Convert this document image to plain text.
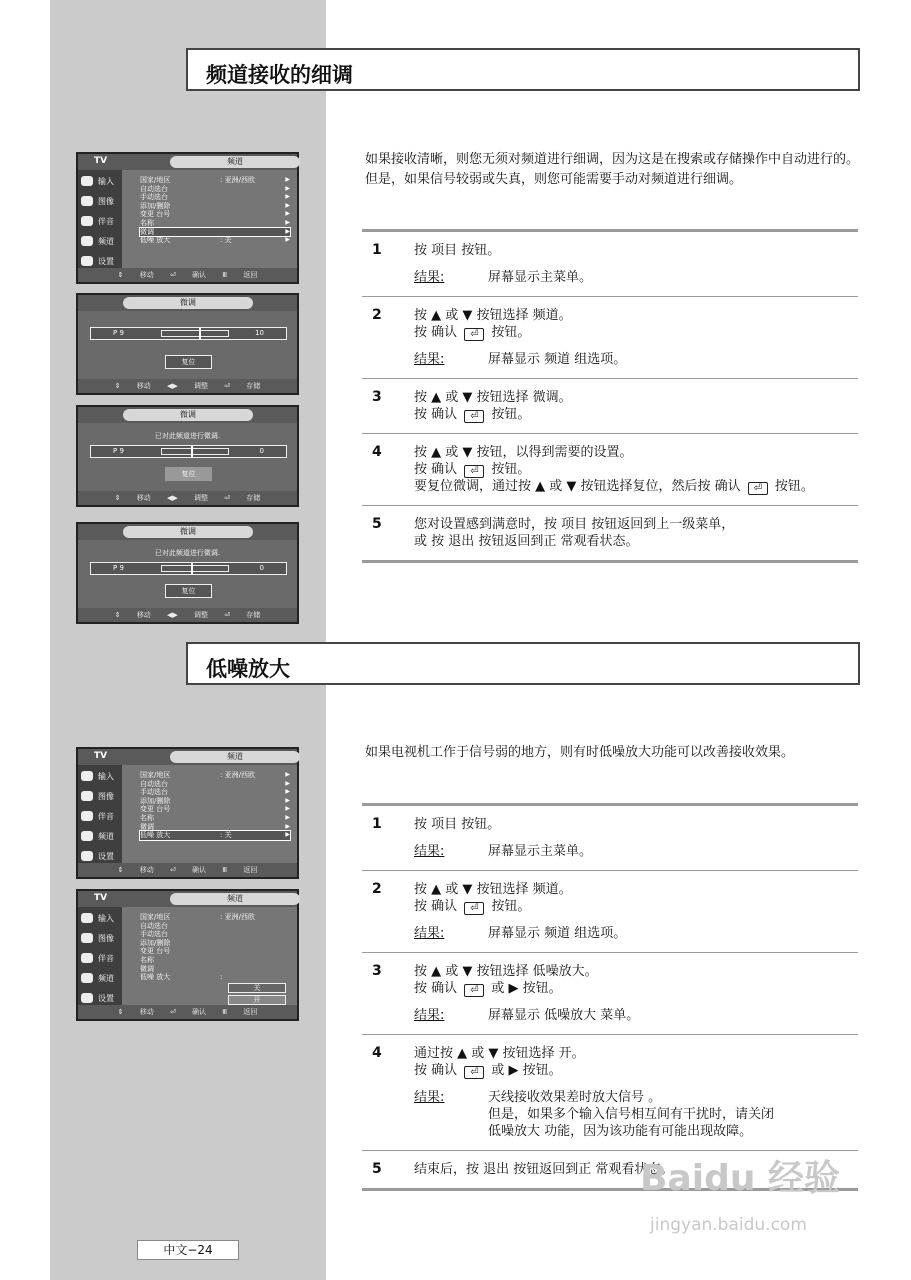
频道接收的细调
如果接收清晰，则您无须对频道进行细调，因为这是在搜索或存储操作中自动进行的。但是，如果信号较弱或失真，则您可能需要手动对频道进行细调。
1 按 项目 按钮。
结果:	屏幕显示主菜单。
2 按 ▲ 或 ▼ 按钮选择 频道。
按 确认 ⏎ 按钮。
结果:	屏幕显示 频道 组选项。
3 按 ▲ 或 ▼ 按钮选择 微调。
按 确认 ⏎ 按钮。
4 按 ▲ 或 ▼ 按钮，以得到需要的设置。
按 确认 ⏎ 按钮。
要复位微调，通过按 ▲ 或 ▼ 按钮选择复位，然后按 确认 ⏎ 按钮。
5 您对设置感到满意时，按 项目 按钮返回到上一级菜单，
或 按 退出 按钮返回到正 常观看状态。
TV	频道
输入
图像
伴音
频道
设置
国家/地区	: 亚洲/西欧	▶
自动选台	▶
手动选台	▶
添加/删除	▶
变更 台号	▶
名称	▶
微调	▶
低噪 放大	: 关	▶
⇕ 移动 ⏎ 确认 Ⅲ 返回
微调
P 9	10
复位
⇕ 移动 ◀▶ 调整 ⏎ 存储
微调
已对此频道进行微调.
P 9	0
复位
⇕ 移动 ◀▶ 调整 ⏎ 存储
微调
已对此频道进行微调.
P 9	0
复位
⇕ 移动 ◀▶ 调整 ⏎ 存储
低噪放大
如果电视机工作于信号弱的地方，则有时低噪放大功能可以改善接收效果。
1 按 项目 按钮。
结果:	屏幕显示主菜单。
2 按 ▲ 或 ▼ 按钮选择 频道。
按 确认 ⏎ 按钮。
结果:	屏幕显示 频道 组选项。
3 按 ▲ 或 ▼ 按钮选择 低噪放大。
按 确认 ⏎ 或 ▶ 按钮。
结果:	屏幕显示 低噪放大 菜单。
4 通过按 ▲ 或 ▼ 按钮选择 开。
按 确认 ⏎ 或 ▶ 按钮。
结果:	天线接收效果差时放大信号 。
但是，如果多个输入信号相互间有干扰时，请关闭
低噪放大 功能，因为该功能有可能出现故障。
5 结束后，按 退出 按钮返回到正 常观看状态。
TV	频道
输入
图像
伴音
频道
设置
国家/地区	: 亚洲/西欧	▶
自动选台	▶
手动选台	▶
添加/删除	▶
变更 台号	▶
名称	▶
微调	▶
低噪 放大	: 关	▶
⇕ 移动 ⏎ 确认 Ⅲ 返回
TV	频道
输入
图像
伴音
频道
设置
国家/地区	: 亚洲/西欧
自动选台
手动选台
添加/删除
变更 台号
名称
微调
低噪 放大	:
关
开
⇕ 移动 ⏎ 确认 Ⅲ 返回
中文−24
Baidu 经验
jingyan.baidu.com
